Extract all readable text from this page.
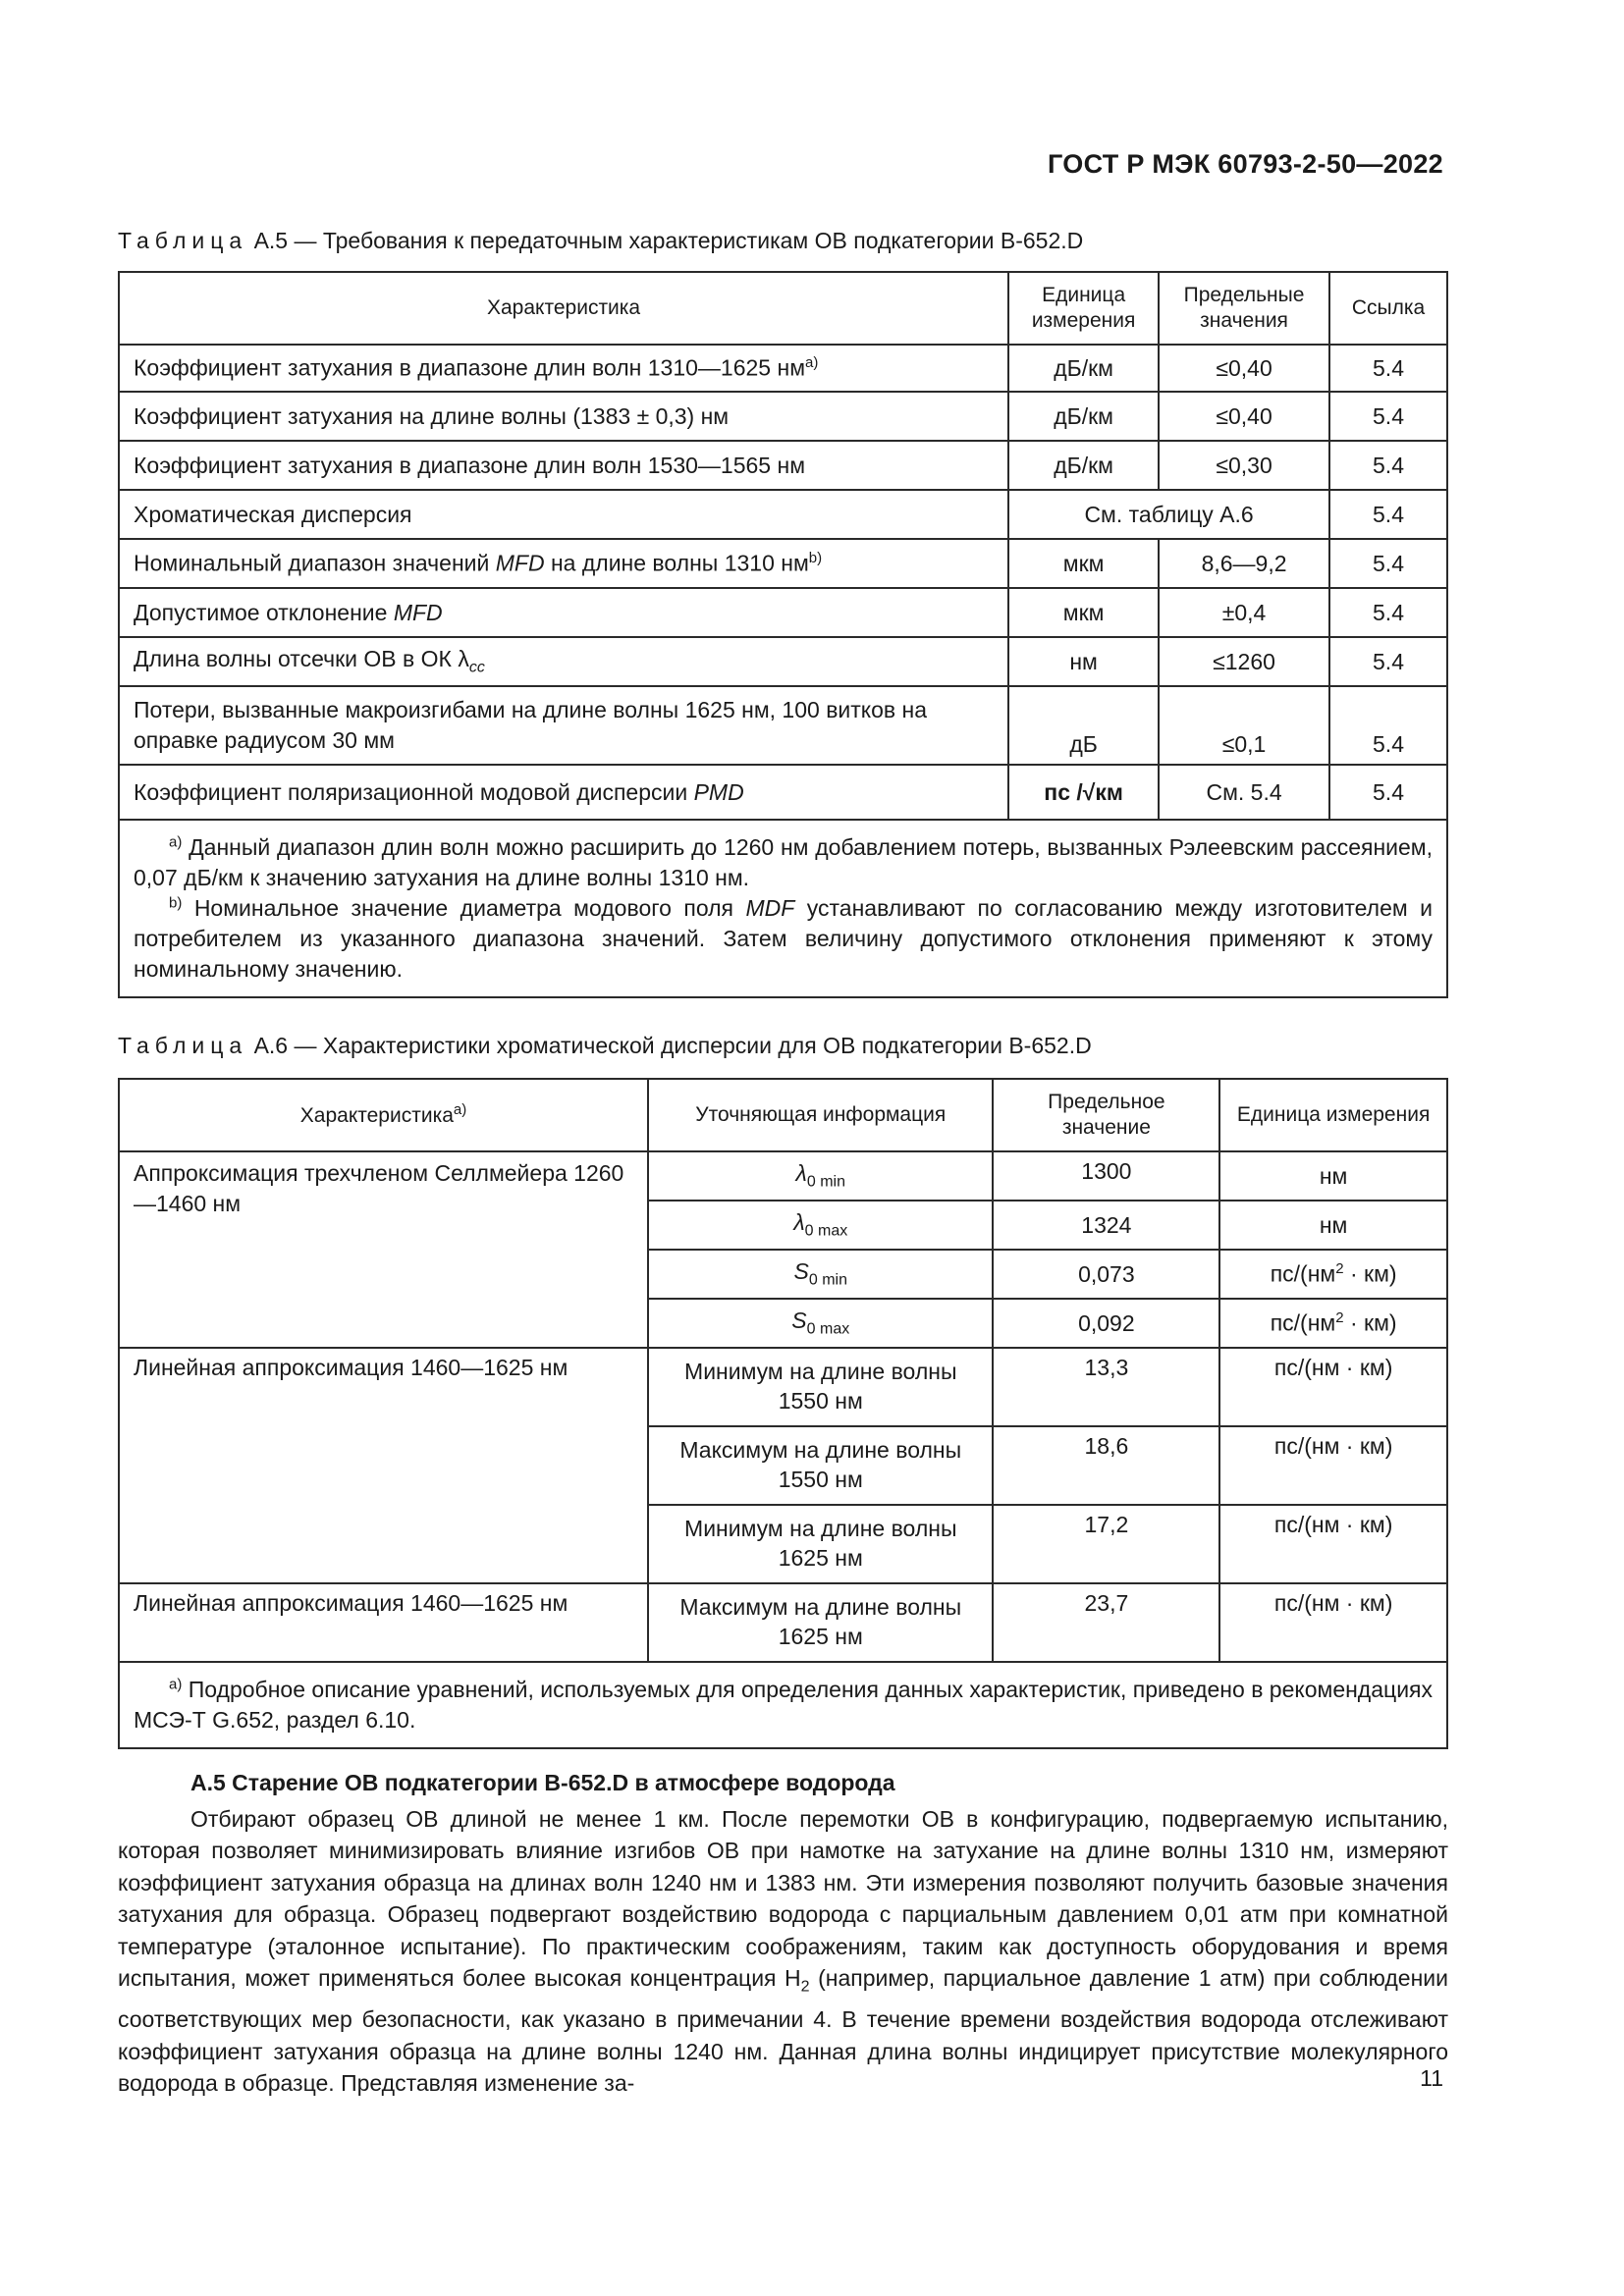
ГОСТ Р МЭК 60793-2-50—2022
Таблица А.5 — Требования к передаточным характеристикам ОВ подкатегории B-652.D
Характеристика	Единица измерения	Предельные значения	Ссылка
Коэффициент затухания в диапазоне длин волн 1310—1625 $нм^{a)}$	дБ/км	≤0,40	5.4
Коэффициент затухания на длине волны (1383 ± 0,3) нм	дБ/км	≤0,40	5.4
Коэффициент затухания в диапазоне длин волн 1530—1565 нм	дБ/км	≤0,30	5.4
Хроматическая дисперсия	См. таблицу А.6		5.4
Номинальный диапазон значений MFD на длине волны 1310 $нм^{b)}$	мкм	8,6—9,2	5.4
Допустимое отклонение MFD	мкм	±0,4	5.4
Длина волны отсечки ОВ в ОК $\lambda_{cc}$	нм	≤1260	5.4
Потери, вызванные макроизгибами на длине волны 1625 нм, 100 витков на оправке радиусом 30 мм	дБ	≤0,1	5.4
Коэффициент поляризационной модовой дисперсии PMD	пс /√км	См. 5.4	5.4

$^{a)}$ Данный диапазон длин волн можно расширить до 1260 нм добавлением потерь, вызванных Рэлеевским рассеянием, 0,07 дБ/км к значению затухания на длине волны 1310 нм.

$^{b)}$ Номинальное значение диаметра модового поля MDF устанавливают по согласованию между изготовителем и потребителем из указанного диапазона значений. Затем величину допустимого отклонения применяют к этому номинальному значению.			

Таблица А.6 — Характеристики хроматической дисперсии для ОВ подкатегории B-652.D
Характеристика$^{a)}$	Уточняющая информация	Предельное значение	Единица измерения
Аппроксимация трехчленом Селлмейера 1260—1460 нм	$\lambda_{0 min}$	1300	нм
	$\lambda_{0 max}$	1324	нм
	$S_{0 min}$	0,073	$пс/(нм^2 \cdot км)$
	$S_{0 max}$	0,092	$пс/(нм^2 \cdot км)$
Линейная аппроксимация 1460—1625 нм	Минимум на длине волны 1550 нм	13,3	пс/(нм · км)
	Максимум на длине волны 1550 нм	18,6	пс/(нм · км)
	Минимум на длине волны 1625 нм	17,2	пс/(нм · км)
Линейная аппроксимация 1460—1625 нм	Максимум на длине волны 1625 нм	23,7	пс/(нм · км)

$^{a)}$ Подробное описание уравнений, используемых для определения данных характеристик, приведено в рекомендациях МСЭ-Т G.652, раздел 6.10.			

А.5 Старение ОВ подкатегории B-652.D в атмосфере водорода

Отбирают образец ОВ длиной не менее 1 км. После перемотки ОВ в конфигурацию, подвергаемую испытанию, которая позволяет минимизировать влияние изгибов ОВ при намотке на затухание на длине волны 1310 нм, измеряют коэффициент затухания образца на длинах волн 1240 нм и 1383 нм. Эти измерения позволяют получить базовые значения затухания для образца. Образец подвергают воздействию водорода с парциальным давлением 0,01 атм при комнатной температуре (эталонное испытание). По практическим соображениям, таким как доступность оборудования и время испытания, может применяться более высокая концентрация $H_2$ (например, парциальное давление 1 атм) при соблюдении соответствующих мер безопасности, как указано в примечании 4. В течение времени воздействия водорода отслеживают коэффициент затухания образца на длине волны 1240 нм. Данная длина волны индицирует присутствие молекулярного водорода в образце. Представляя изменение за-	11
